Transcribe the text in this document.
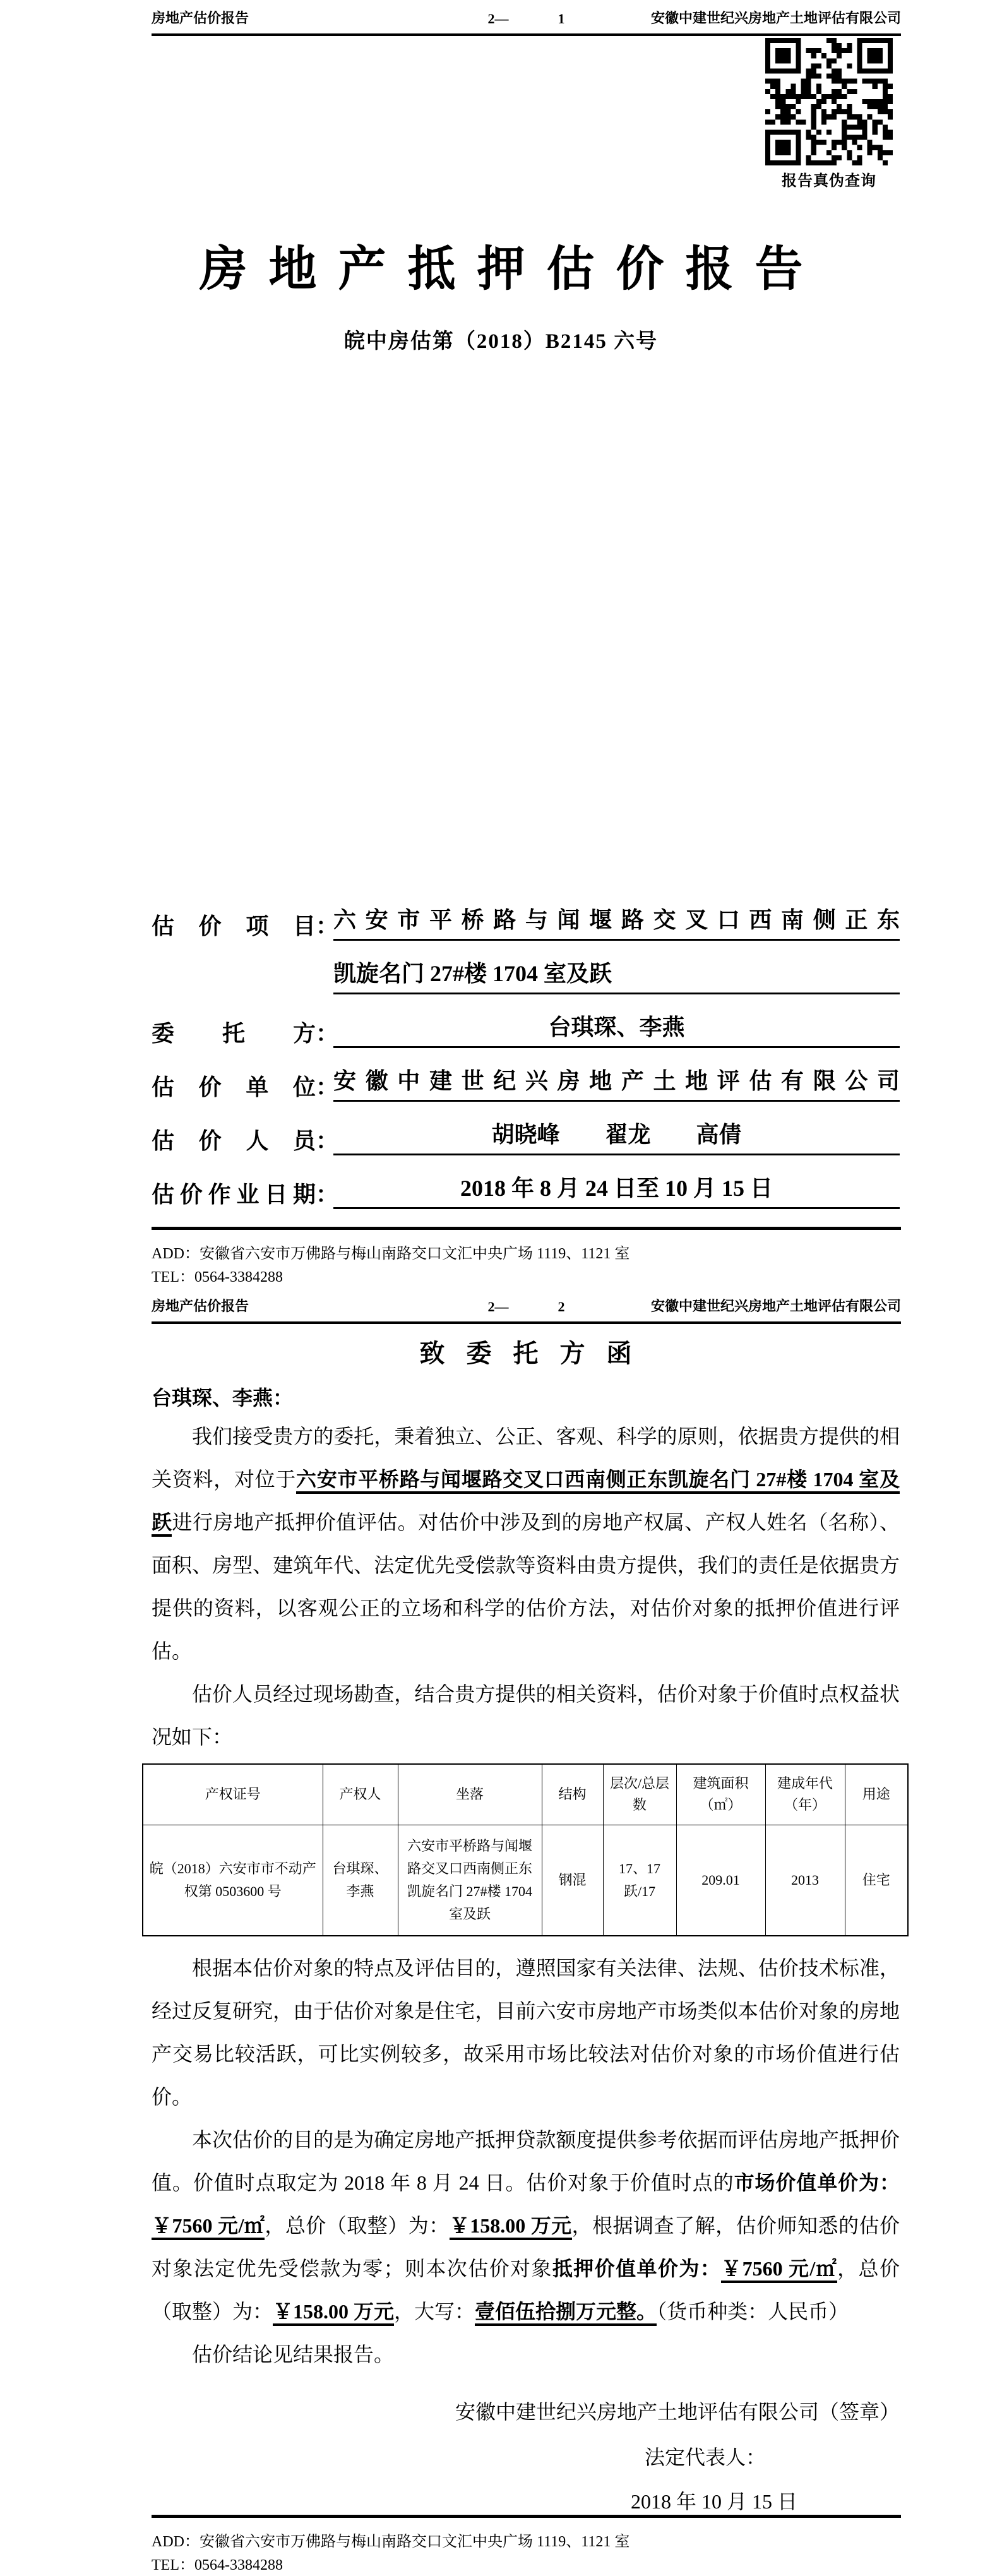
房地产估价报告	2—	1	安徽中建世纪兴房地产土地评估有限公司
报告真伪查询
房地产抵押估价报告
皖中房估第（2018）B2145 六号
估价项目 ：
六安市平桥路与闻堰路交叉口西南侧正东
凯旋名门 27#楼 1704 室及跃
委托方 ：	台琪琛、李燕
估价单位 ：
安徽中建世纪兴房地产土地评估有限公司
估价人员 ：	胡晓峰　　翟龙　　高倩
估价作业日期 ：	2018 年 8 月 24 日至 10 月 15 日
ADD：安徽省六安市万佛路与梅山南路交口文汇中央广场 1119、1121 室
TEL：0564-3384288
房地产估价报告	2—	2	安徽中建世纪兴房地产土地评估有限公司
致委托方函
台琪琛、李燕：

我们接受贵方的委托，秉着独立、公正、客观、科学的原则，依据贵方提供的相关资料，对位于六安市平桥路与闻堰路交叉口西南侧正东凯旋名门 27#楼 1704 室及跃进行房地产抵押价值评估。对估价中涉及到的房地产权属、产权人姓名（名称）、面积、房型、建筑年代、法定优先受偿款等资料由贵方提供，我们的责任是依据贵方提供的资料，以客观公正的立场和科学的估价方法，对估价对象的抵押价值进行评估。

估价人员经过现场勘查，结合贵方提供的相关资料，估价对象于价值时点权益状况如下：

产权证号	产权人	坐落	结构	层次/总层数	建筑面积（㎡）	建成年代（年）	用途
皖（2018）六安市市不动产权第 0503600 号	台琪琛、李燕	六安市平桥路与闻堰路交叉口西南侧正东凯旋名门 27#楼 1704 室及跃	钢混	17、17 跃/17	209.01	2013	住宅

根据本估价对象的特点及评估目的，遵照国家有关法律、法规、估价技术标准，经过反复研究，由于估价对象是住宅，目前六安市房地产市场类似本估价对象的房地产交易比较活跃，可比实例较多，故采用市场比较法对估价对象的市场价值进行估价。

本次估价的目的是为确定房地产抵押贷款额度提供参考依据而评估房地产抵押价值。价值时点取定为 2018 年 8 月 24 日。估价对象于价值时点的市场价值单价为：￥7560 元/㎡，总价（取整）为：￥158.00 万元，根据调查了解，估价师知悉的估价对象法定优先受偿款为零；则本次估价对象抵押价值单价为：￥7560 元/㎡，总价（取整）为：￥158.00 万元，大写：壹佰伍拾捌万元整。（货币种类：人民币）

估价结论见结果报告。

安徽中建世纪兴房地产土地评估有限公司（签章）
法定代表人：
2018 年 10 月 15 日
ADD：安徽省六安市万佛路与梅山南路交口文汇中央广场 1119、1121 室
TEL：0564-3384288
